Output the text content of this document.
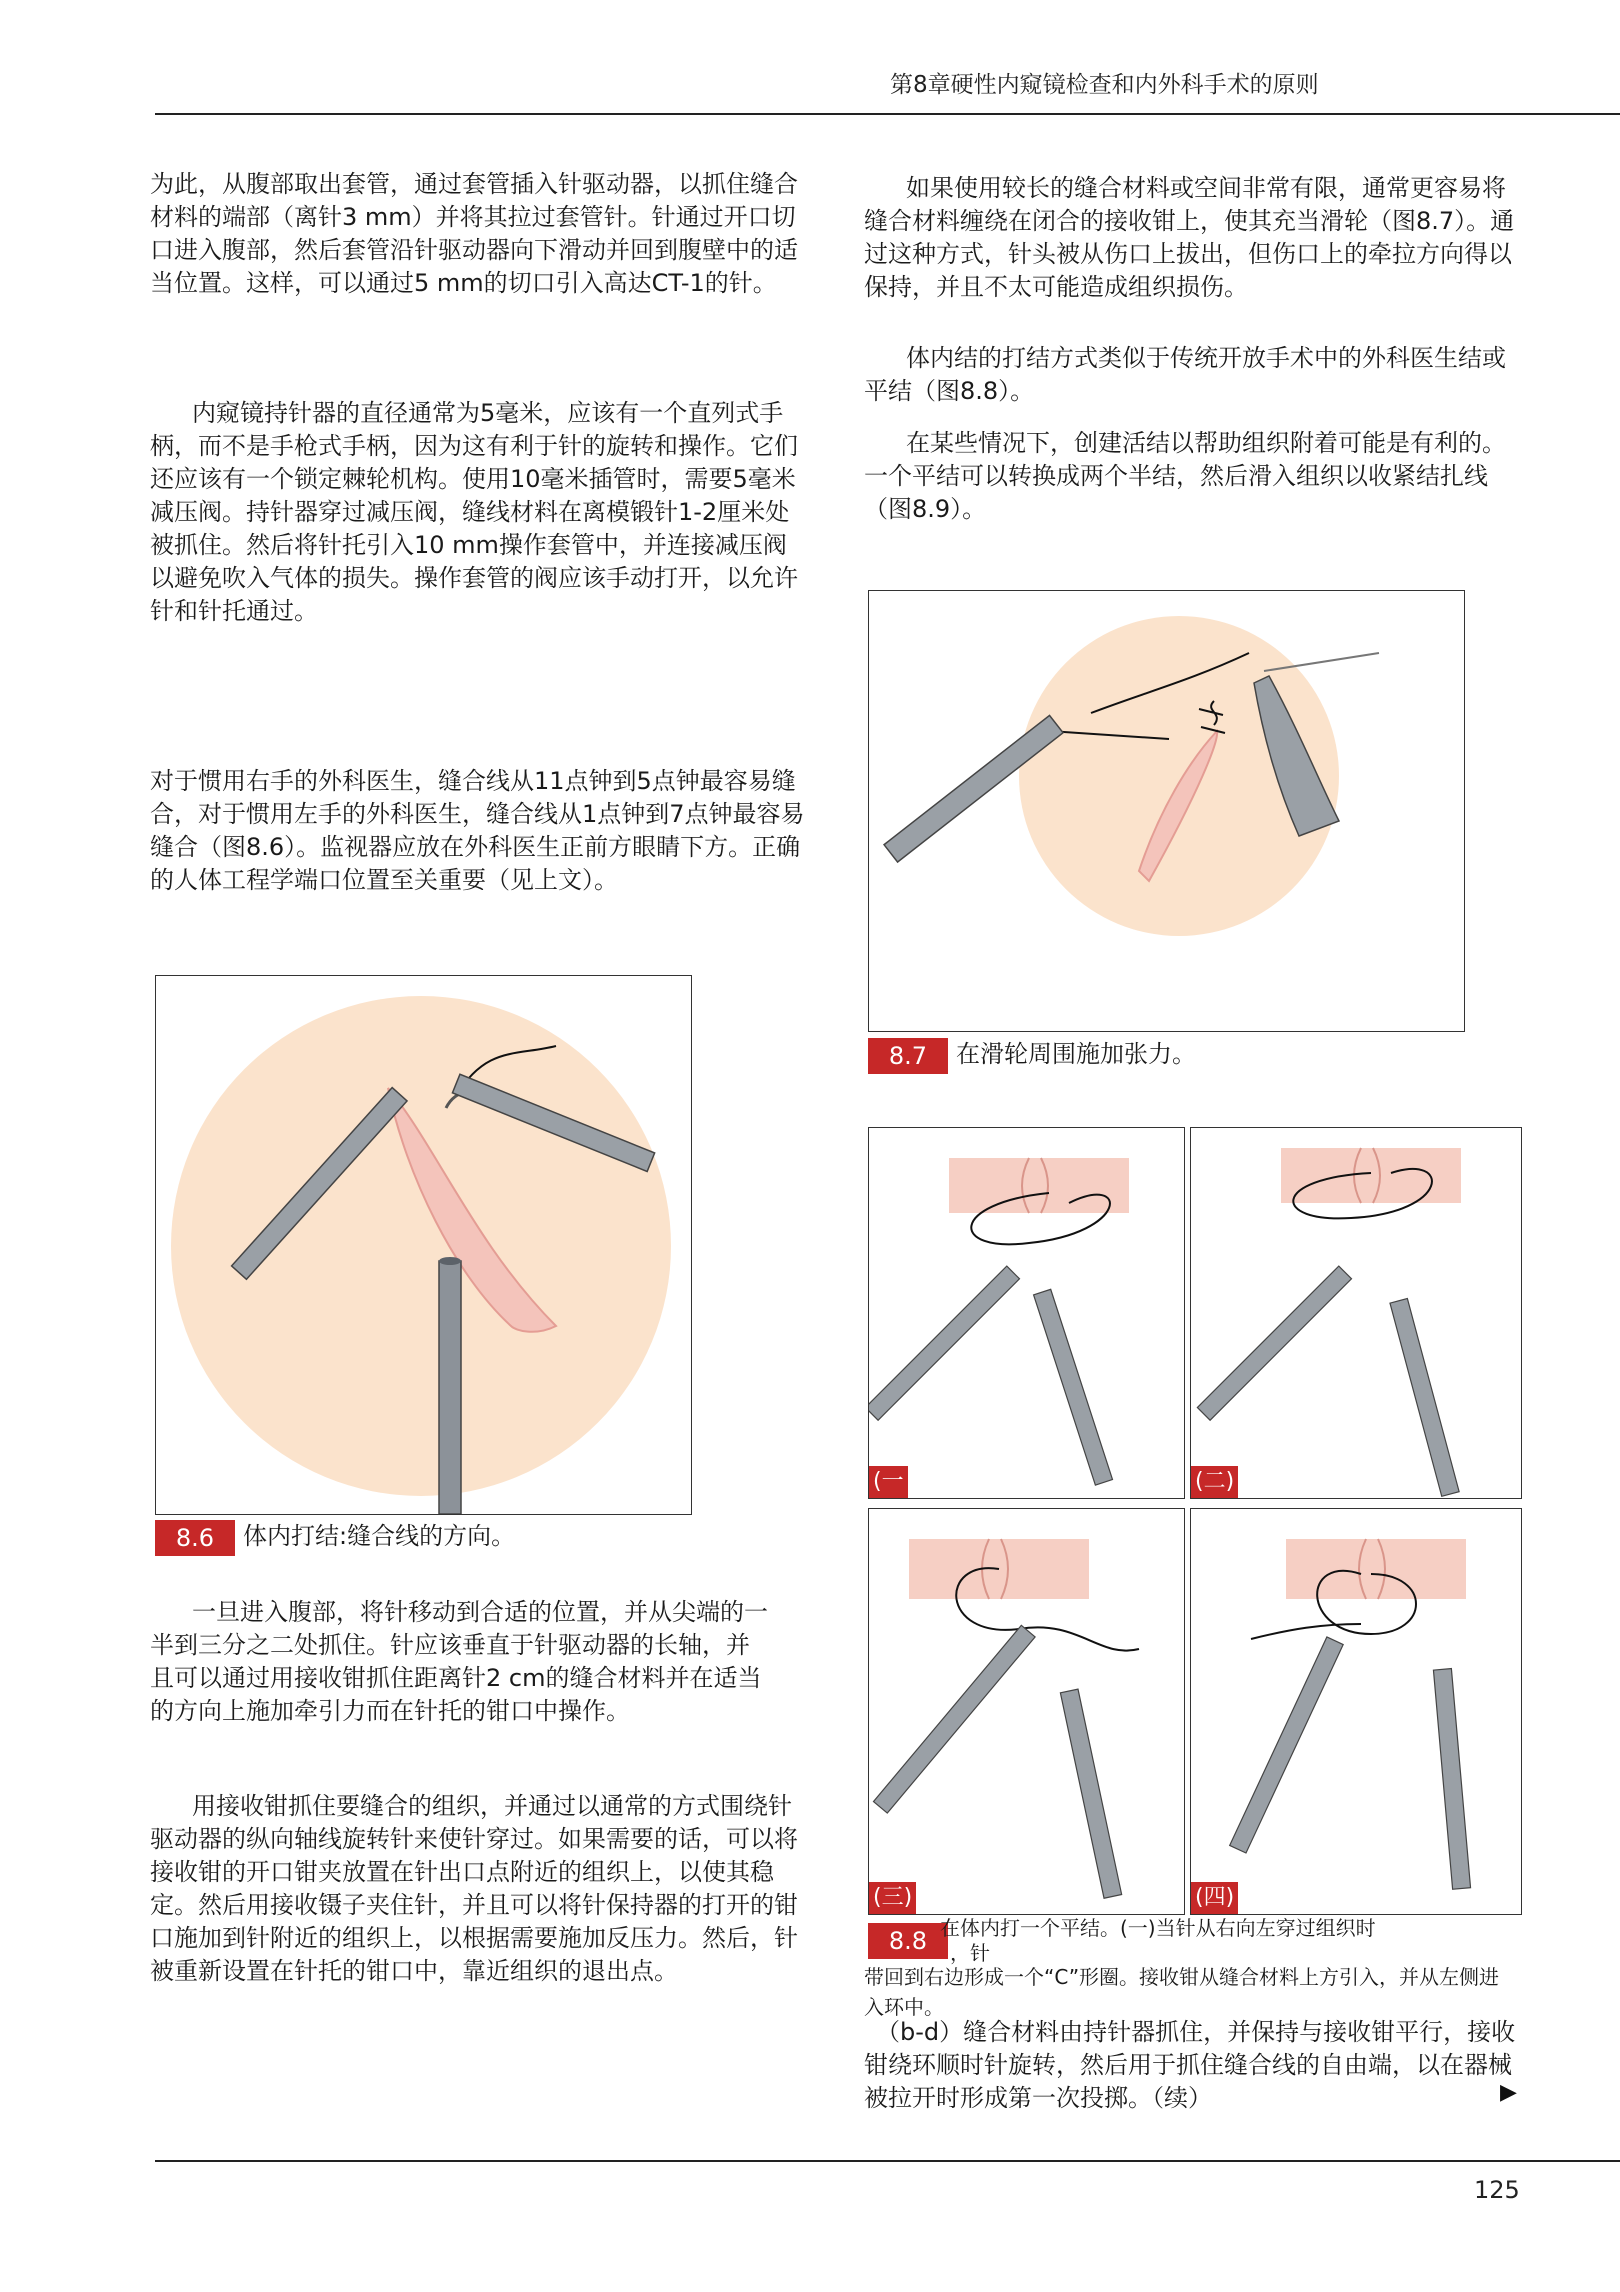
第8章硬性内窥镜检查和内外科手术的原则

为此，从腹部取出套管，通过套管插入针驱动器，以抓住缝合材料的端部（离针3 mm）并将其拉过套管针。针通过开口切口进入腹部，然后套管沿针驱动器向下滑动并回到腹壁中的适当位置。这样，可以通过5 mm的切口引入高达CT-1的针。

内窥镜持针器的直径通常为5毫米，应该有一个直列式手柄，而不是手枪式手柄，因为这有利于针的旋转和操作。它们还应该有一个锁定棘轮机构。使用10毫米插管时，需要5毫米减压阀。持针器穿过减压阀，缝线材料在离模锻针1-2厘米处被抓住。然后将针托引入10 mm操作套管中，并连接减压阀以避免吹入气体的损失。操作套管的阀应该手动打开，以允许针和针托通过。

对于惯用右手的外科医生，缝合线从11点钟到5点钟最容易缝合，对于惯用左手的外科医生，缝合线从1点钟到7点钟最容易缝合（图8.6）。监视器应放在外科医生正前方眼睛下方。正确的人体工程学端口位置至关重要（见上文）。

8.6	体内打结:缝合线的方向。

一旦进入腹部，将针移动到合适的位置，并从尖端的一半到三分之二处抓住。针应该垂直于针驱动器的长轴，并且可以通过用接收钳抓住距离针2 cm的缝合材料并在适当的方向上施加牵引力而在针托的钳口中操作。

用接收钳抓住要缝合的组织，并通过以通常的方式围绕针驱动器的纵向轴线旋转针来使针穿过。如果需要的话，可以将接收钳的开口钳夹放置在针出口点附近的组织上，以使其稳定。然后用接收镊子夹住针，并且可以将针保持器的打开的钳口施加到针附近的组织上，以根据需要施加反压力。然后，针被重新设置在针托的钳口中，靠近组织的退出点。

如果使用较长的缝合材料或空间非常有限，通常更容易将缝合材料缠绕在闭合的接收钳上，使其充当滑轮（图8.7）。通过这种方式，针头被从伤口上拔出，但伤口上的牵拉方向得以保持，并且不太可能造成组织损伤。

体内结的打结方式类似于传统开放手术中的外科医生结或平结（图8.8）。

在某些情况下，创建活结以帮助组织附着可能是有利的。一个平结可以转换成两个半结，然后滑入组织以收紧结扎线（图8.9）。

8.7	在滑轮周围施加张力。
(一	(二)
(三)	(四)
8.8 在体内打一个平结。(一)当针从右向左穿过组织时
，针
带回到右边形成一个“C”形圈。接收钳从缝合材料上方引入，并从左侧进入环中。
（b-d）缝合材料由持针器抓住，并保持与接收钳平行，接收钳绕环顺时针旋转，然后用于抓住缝合线的自由端，以在器械被拉开时形成第一次投掷。（续）	▶
125
